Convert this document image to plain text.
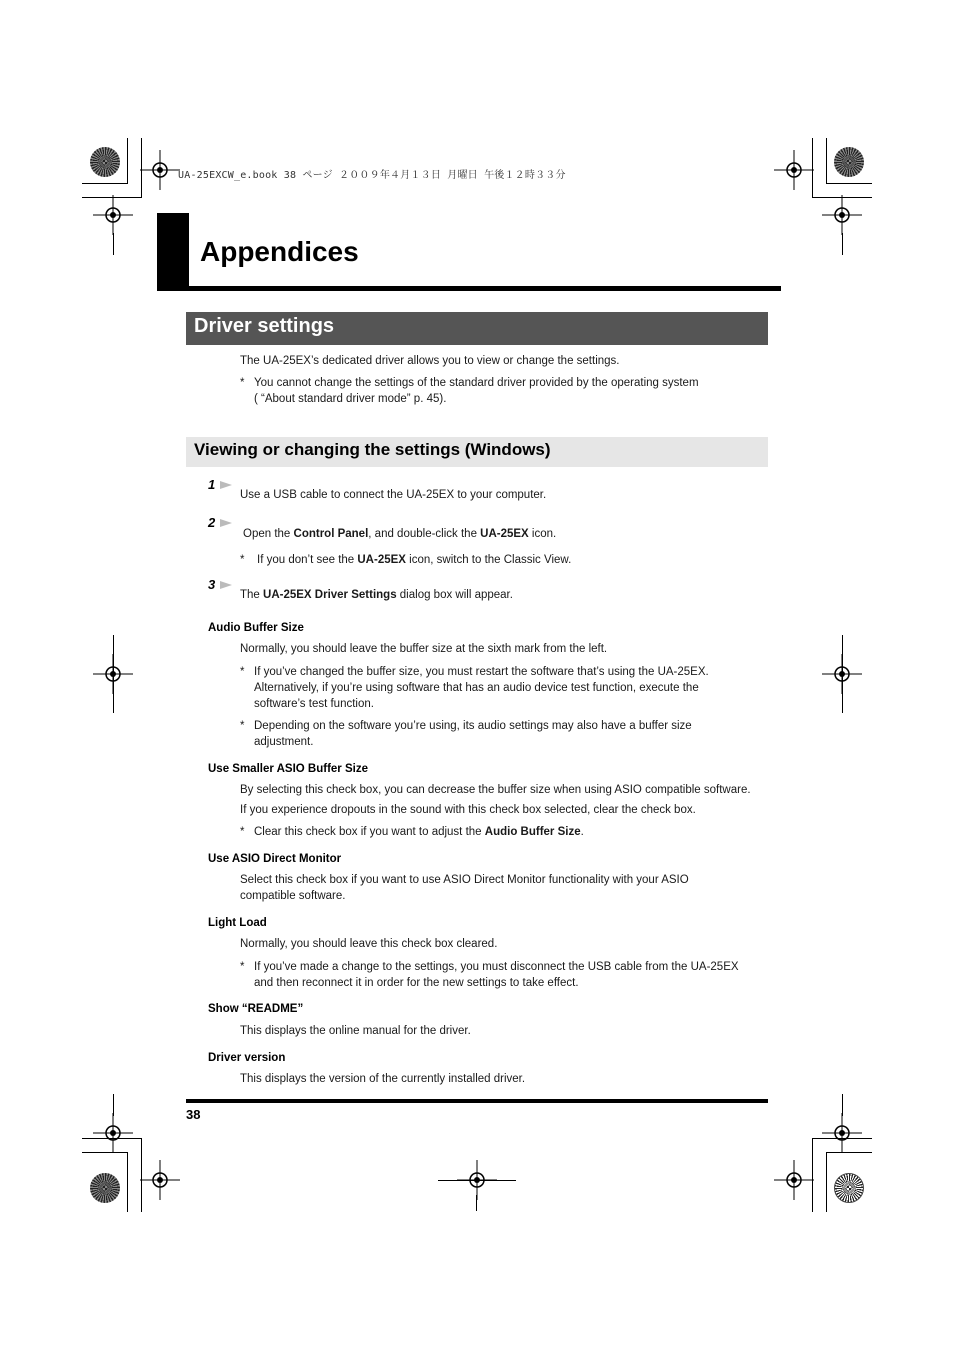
UA-25EXCW_e.book 38 ページ ２００９年４月１３日 月曜日 午後１２時３３分
Appendices
Driver settings
The UA-25EX’s dedicated driver allows you to view or change the settings.
* You cannot change the settings of the standard driver provided by the operating system
( “About standard driver mode” p. 45).
Viewing or changing the settings (Windows)
1
Use a USB cable to connect the UA-25EX to your computer.
2
Open the Control Panel, and double-click the UA-25EX icon.
* If you don’t see the UA-25EX icon, switch to the Classic View.
3
The UA-25EX Driver Settings dialog box will appear.
Audio Buffer Size
Normally, you should leave the buffer size at the sixth mark from the left.
* If you’ve changed the buffer size, you must restart the software that’s using the UA-25EX.
Alternatively, if you’re using software that has an audio device test function, execute the
software’s test function.
* Depending on the software you’re using, its audio settings may also have a buffer size
adjustment.
Use Smaller ASIO Buffer Size
By selecting this check box, you can decrease the buffer size when using ASIO compatible software.
If you experience dropouts in the sound with this check box selected, clear the check box.
* Clear this check box if you want to adjust the Audio Buffer Size.
Use ASIO Direct Monitor
Select this check box if you want to use ASIO Direct Monitor functionality with your ASIO
compatible software.
Light Load
Normally, you should leave this check box cleared.
* If you’ve made a change to the settings, you must disconnect the USB cable from the UA-25EX
and then reconnect it in order for the new settings to take effect.
Show “README”
This displays the online manual for the driver.
Driver version
This displays the version of the currently installed driver.
38
